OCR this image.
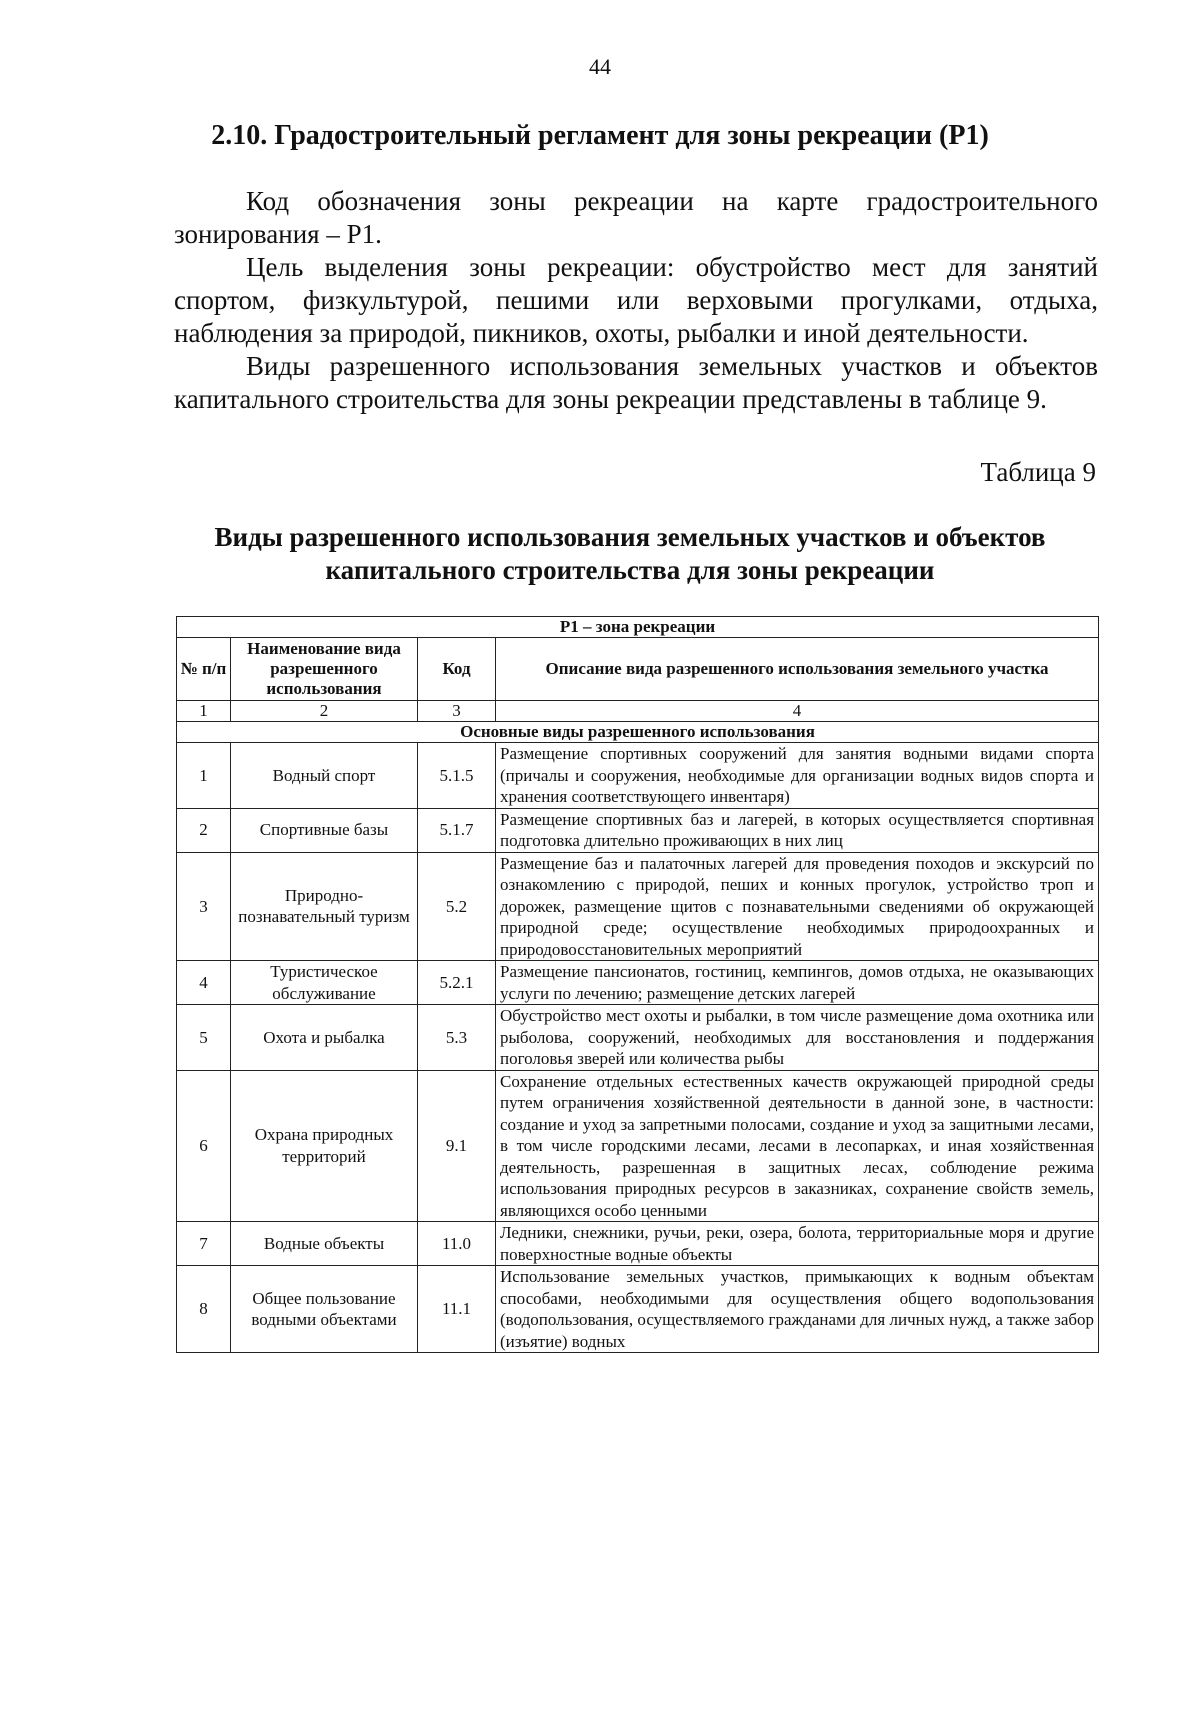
44
2.10. Градостроительный регламент для зоны рекреации (Р1)

Код обозначения зоны рекреации на карте градостроительного зонирования – Р1.

Цель выделения зоны рекреации: обустройство мест для занятий спортом, физкультурой, пешими или верховыми прогулками, отдыха, наблюдения за природой, пикников, охоты, рыбалки и иной деятельности.

Виды разрешенного использования земельных участков и объектов капитального строительства для зоны рекреации представлены в таблице 9.

Таблица 9
Виды разрешенного использования земельных участков и объектов капитального строительства для зоны рекреации
Р1 – зона рекреации			
№ п/п	Наименование вида разрешенного использования	Код	Описание вида разрешенного использования земельного участка
1	2	3	4
Основные виды разрешенного использования			
1	Водный спорт	5.1.5	Размещение спортивных сооружений для занятия водными видами спорта (причалы и сооружения, необходимые для организации водных видов спорта и хранения соответствующего инвентаря)
2	Спортивные базы	5.1.7	Размещение спортивных баз и лагерей, в которых осуществляется спортивная подготовка длительно проживающих в них лиц
3	Природно-познавательный туризм	5.2	Размещение баз и палаточных лагерей для проведения походов и экскурсий по ознакомлению с природой, пеших и конных прогулок, устройство троп и дорожек, размещение щитов с познавательными сведениями об окружающей природной среде; осуществление необходимых природоохранных и природовосстановительных мероприятий
4	Туристическое обслуживание	5.2.1	Размещение пансионатов, гостиниц, кемпингов, домов отдыха, не оказывающих услуги по лечению; размещение детских лагерей
5	Охота и рыбалка	5.3	Обустройство мест охоты и рыбалки, в том числе размещение дома охотника или рыболова, сооружений, необходимых для восстановления и поддержания поголовья зверей или количества рыбы
6	Охрана природных территорий	9.1	Сохранение отдельных естественных качеств окружающей природной среды путем ограничения хозяйственной деятельности в данной зоне, в частности: создание и уход за запретными полосами, создание и уход за защитными лесами, в том числе городскими лесами, лесами в лесопарках, и иная хозяйственная деятельность, разрешенная в защитных лесах, соблюдение режима использования природных ресурсов в заказниках, сохранение свойств земель, являющихся особо ценными
7	Водные объекты	11.0	Ледники, снежники, ручьи, реки, озера, болота, территориальные моря и другие поверхностные водные объекты
8	Общее пользование водными объектами	11.1	Использование земельных участков, примыкающих к водным объектам способами, необходимыми для осуществления общего водопользования (водопользования, осуществляемого гражданами для личных нужд, а также забор (изъятие) водных
